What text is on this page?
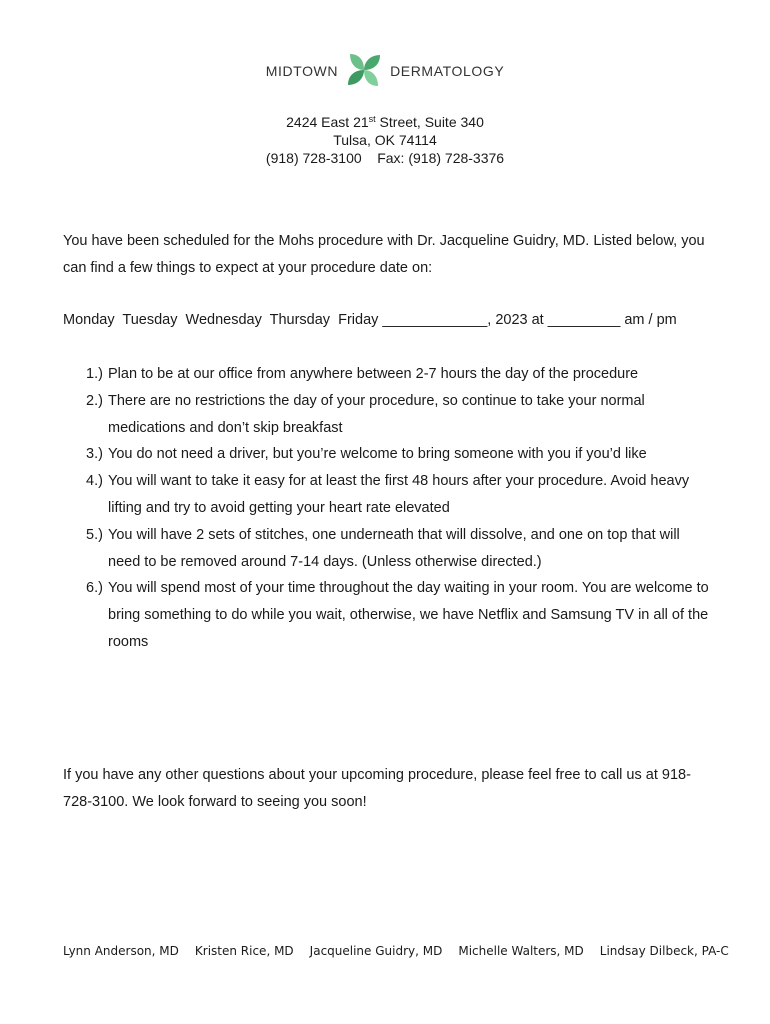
midtown	dermatology
2424 East 21st Street, Suite 340
Tulsa, OK 74114
(918) 728-3100    Fax: (918) 728-3376
You have been scheduled for the Mohs procedure with Dr. Jacqueline Guidry, MD. Listed below, you can find a few things to expect at your procedure date on:
Monday  Tuesday  Wednesday  Thursday  Friday _____________, 2023 at _________ am / pm
1.) Plan to be at our office from anywhere between 2-7 hours the day of the procedure
2.) There are no restrictions the day of your procedure, so continue to take your normal medications and don’t skip breakfast
3.) You do not need a driver, but you’re welcome to bring someone with you if you’d like
4.) You will want to take it easy for at least the first 48 hours after your procedure. Avoid heavy lifting and try to avoid getting your heart rate elevated
5.) You will have 2 sets of stitches, one underneath that will dissolve, and one on top that will need to be removed around 7-14 days. (Unless otherwise directed.)
6.) You will spend most of your time throughout the day waiting in your room. You are welcome to bring something to do while you wait, otherwise, we have Netflix and Samsung TV in all of the rooms
If you have any other questions about your upcoming procedure, please feel free to call us at 918-728-3100. We look forward to seeing you soon!
Lynn Anderson, MD Kristen Rice, MD Jacqueline Guidry, MD Michelle Walters, MD Lindsay Dilbeck, PA-C
